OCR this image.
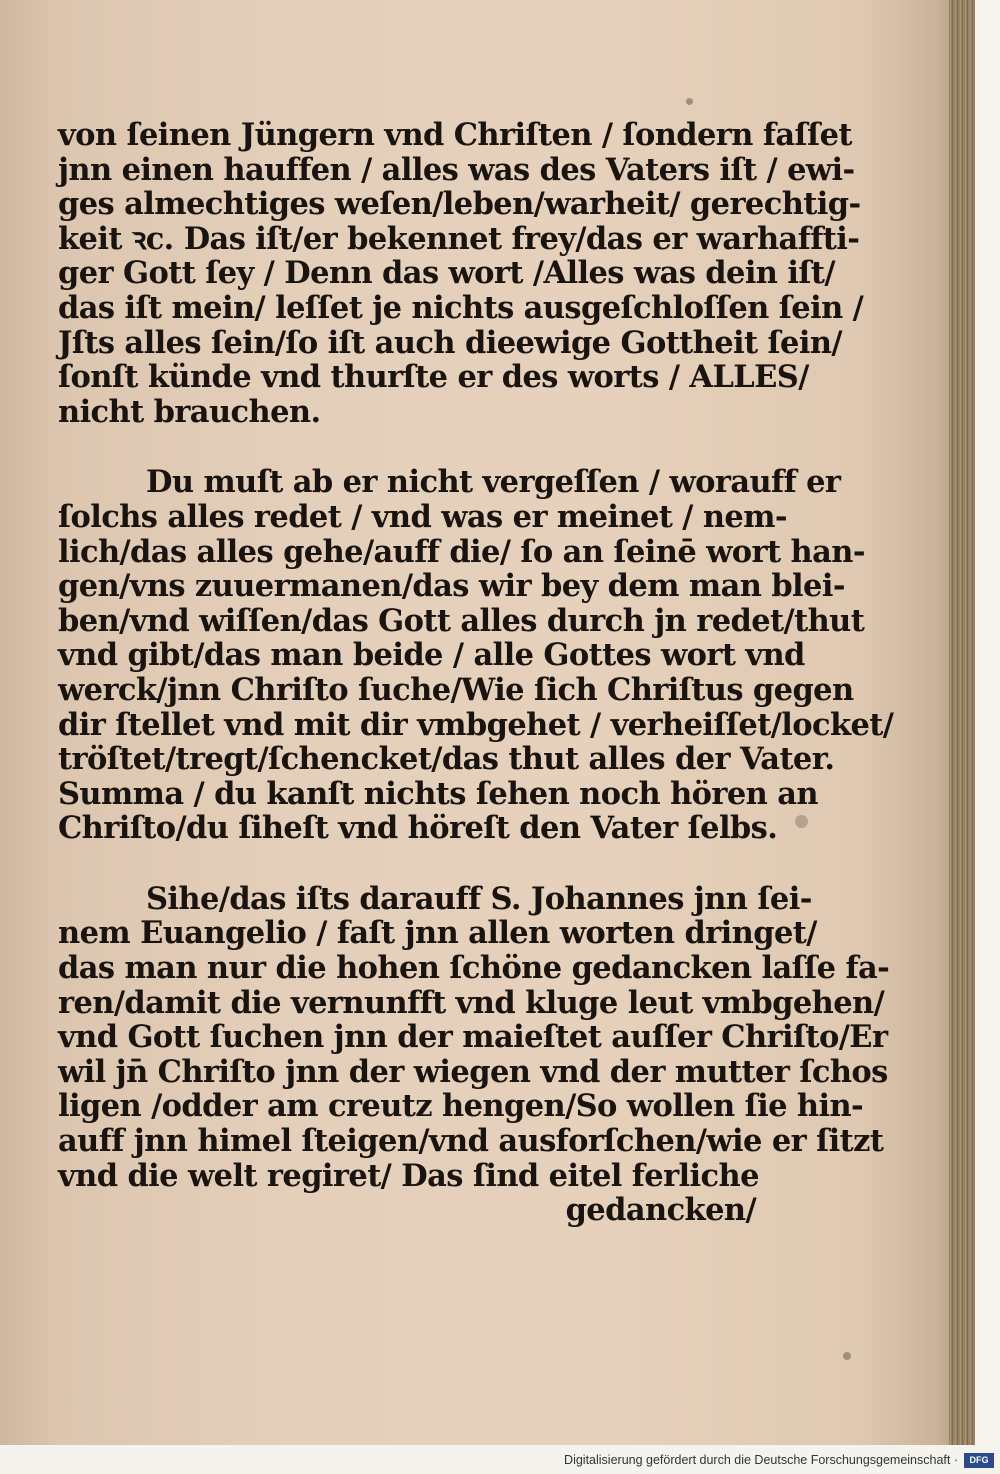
von ſeinen Jüngern vnd Chriſten / ſondern faſſet
jnn einen hauffen / alles was des Vaters iſt / ewi-
ges almechtiges weſen/leben/warheit/ gerechtig-
keit ꝛc. Das iſt/er bekennet frey/das er warhaffti-
ger Gott ſey / Denn das wort /Alles was dein iſt/
das iſt mein/ leſſet je nichts ausgeſchloſſen ſein /
Jſts alles ſein/ſo iſt auch dieewige Gottheit ſein/
ſonſt künde vnd thurſte er des worts / ALLES/
nicht brauchen.
Du muſt ab er nicht vergeſſen / worauff er
ſolchs alles redet / vnd was er meinet / nem-
lich/das alles gehe/auff die/ ſo an ſeinē wort han-
gen/vns zuuermanen/das wir bey dem man blei-
ben/vnd wiſſen/das Gott alles durch jn redet/thut
vnd gibt/das man beide / alle Gottes wort vnd
werck/jnn Chriſto ſuche/Wie ſich Chriſtus gegen
dir ſtellet vnd mit dir vmbgehet / verheiſſet/locket/
tröſtet/tregt/ſchencket/das thut alles der Vater.
Summa / du kanſt nichts ſehen noch hören an
Chriſto/du ſiheſt vnd höreſt den Vater ſelbs.
Sihe/das iſts darauff S. Johannes jnn ſei-
nem Euangelio / faſt jnn allen worten dringet/
das man nur die hohen ſchöne gedancken laſſe fa-
ren/damit die vernunfft vnd kluge leut vmbgehen/
vnd Gott ſuchen jnn der maieſtet auſſer Chriſto/Er
wil jn̄ Chriſto jnn der wiegen vnd der mutter ſchos
ligen /odder am creutz hengen/So wollen ſie hin-
auff jnn himel ſteigen/vnd ausforſchen/wie er ſitzt
vnd die welt regiret/ Das ſind eitel ferliche
gedancken/
Digitalisierung gefördert durch die Deutsche Forschungsgemeinschaft ·	DFG
